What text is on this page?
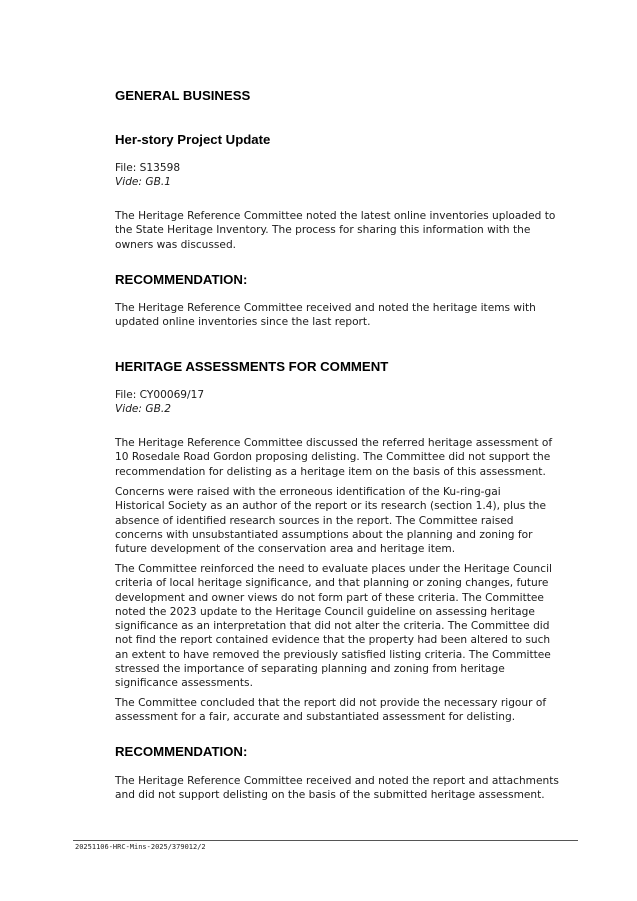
GENERAL BUSINESS
Her-story Project Update
File: S13598
Vide: GB.1
The Heritage Reference Committee noted the latest online inventories uploaded to
the State Heritage Inventory. The process for sharing this information with the
owners was discussed.
RECOMMENDATION:
The Heritage Reference Committee received and noted the heritage items with
updated online inventories since the last report.
HERITAGE ASSESSMENTS FOR COMMENT
File: CY00069/17
Vide: GB.2
The Heritage Reference Committee discussed the referred heritage assessment of
10 Rosedale Road Gordon proposing delisting. The Committee did not support the
recommendation for delisting as a heritage item on the basis of this assessment.
Concerns were raised with the erroneous identification of the Ku-ring-gai
Historical Society as an author of the report or its research (section 1.4), plus the
absence of identified research sources in the report. The Committee raised
concerns with unsubstantiated assumptions about the planning and zoning for
future development of the conservation area and heritage item.
The Committee reinforced the need to evaluate places under the Heritage Council
criteria of local heritage significance, and that planning or zoning changes, future
development and owner views do not form part of these criteria. The Committee
noted the 2023 update to the Heritage Council guideline on assessing heritage
significance as an interpretation that did not alter the criteria. The Committee did
not find the report contained evidence that the property had been altered to such
an extent to have removed the previously satisfied listing criteria. The Committee
stressed the importance of separating planning and zoning from heritage
significance assessments.
The Committee concluded that the report did not provide the necessary rigour of
assessment for a fair, accurate and substantiated assessment for delisting.
RECOMMENDATION:
The Heritage Reference Committee received and noted the report and attachments
and did not support delisting on the basis of the submitted heritage assessment.
20251106-HRC-Mins-2025/379012/2
